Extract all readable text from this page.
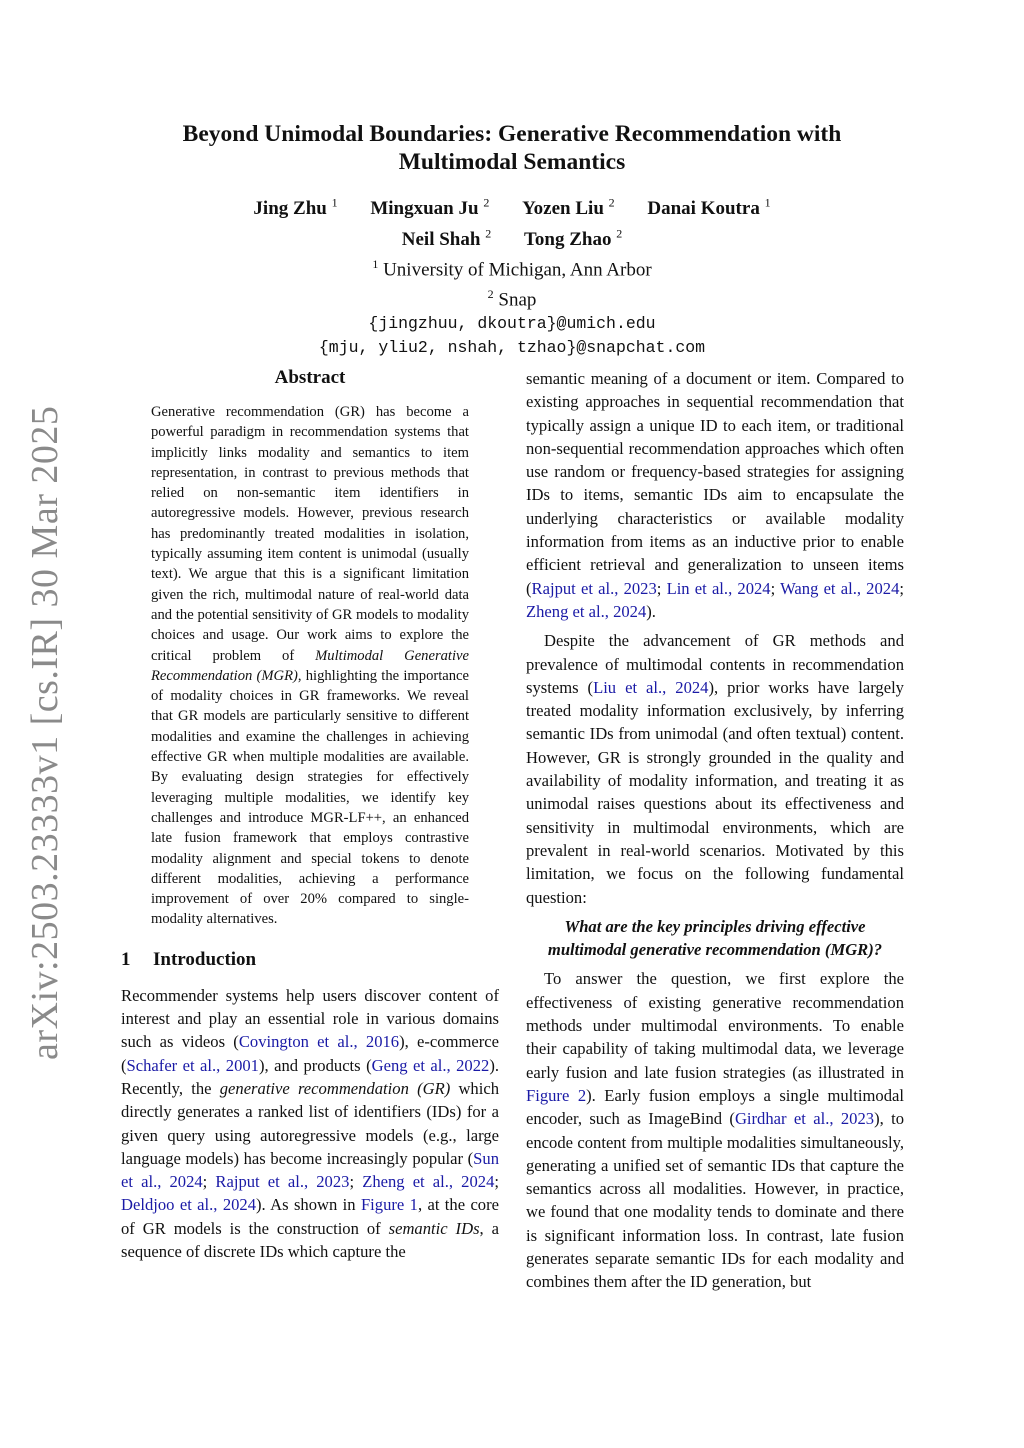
arXiv:2503.23333v1 [cs.IR] 30 Mar 2025
Beyond Unimodal Boundaries: Generative Recommendation with
Multimodal Semantics
Jing Zhu $^1$ Mingxuan Ju $^2$ Yozen Liu $^2$ Danai Koutra $^1$
Neil Shah $^2$ Tong Zhao $^2$
$^1$ University of Michigan, Ann Arbor
$^2$ Snap
{jingzhuu, dkoutra}@umich.edu
{mju, yliu2, nshah, tzhao}@snapchat.com
Abstract

Generative recommendation (GR) has become a powerful paradigm in recommendation systems that implicitly links modality and semantics to item representation, in contrast to previous methods that relied on non-semantic item identifiers in autoregressive models. However, previous research has predominantly treated modalities in isolation, typically assuming item content is unimodal (usually text). We argue that this is a significant limitation given the rich, multimodal nature of real-world data and the potential sensitivity of GR models to modality choices and usage. Our work aims to explore the critical problem of Multimodal Generative Recommendation (MGR), highlighting the importance of modality choices in GR frameworks. We reveal that GR models are particularly sensitive to different modalities and examine the challenges in achieving effective GR when multiple modalities are available. By evaluating design strategies for effectively leveraging multiple modalities, we identify key challenges and introduce MGR-LF++, an enhanced late fusion framework that employs contrastive modality alignment and special tokens to denote different modalities, achieving a performance improvement of over 20% compared to single-modality alternatives.

1 Introduction

Recommender systems help users discover content of interest and play an essential role in various domains such as videos (Covington et al., 2016), e-commerce (Schafer et al., 2001), and products (Geng et al., 2022). Recently, the generative recommendation (GR) which directly generates a ranked list of identifiers (IDs) for a given query using autoregressive models (e.g., large language models) has become increasingly popular (Sun et al., 2024; Rajput et al., 2023; Zheng et al., 2024; Deldjoo et al., 2024). As shown in Figure 1, at the core of GR models is the construction of semantic IDs, a sequence of discrete IDs which capture the

semantic meaning of a document or item. Compared to existing approaches in sequential recommendation that typically assign a unique ID to each item, or traditional non-sequential recommendation approaches which often use random or frequency-based strategies for assigning IDs to items, semantic IDs aim to encapsulate the underlying characteristics or available modality information from items as an inductive prior to enable efficient retrieval and generalization to unseen items (Rajput et al., 2023; Lin et al., 2024; Wang et al., 2024; Zheng et al., 2024).

Despite the advancement of GR methods and prevalence of multimodal contents in recommendation systems (Liu et al., 2024), prior works have largely treated modality information exclusively, by inferring semantic IDs from unimodal (and often textual) content. However, GR is strongly grounded in the quality and availability of modality information, and treating it as unimodal raises questions about its effectiveness and sensitivity in multimodal environments, which are prevalent in real-world scenarios. Motivated by this limitation, we focus on the following fundamental question:

What are the key principles driving effective multimodal generative recommendation (MGR)?

To answer the question, we first explore the effectiveness of existing generative recommendation methods under multimodal environments. To enable their capability of taking multimodal data, we leverage early fusion and late fusion strategies (as illustrated in Figure 2). Early fusion employs a single multimodal encoder, such as ImageBind (Girdhar et al., 2023), to encode content from multiple modalities simultaneously, generating a unified set of semantic IDs that capture the semantics across all modalities. However, in practice, we found that one modality tends to dominate and there is significant information loss. In contrast, late fusion generates separate semantic IDs for each modality and combines them after the ID generation, but
